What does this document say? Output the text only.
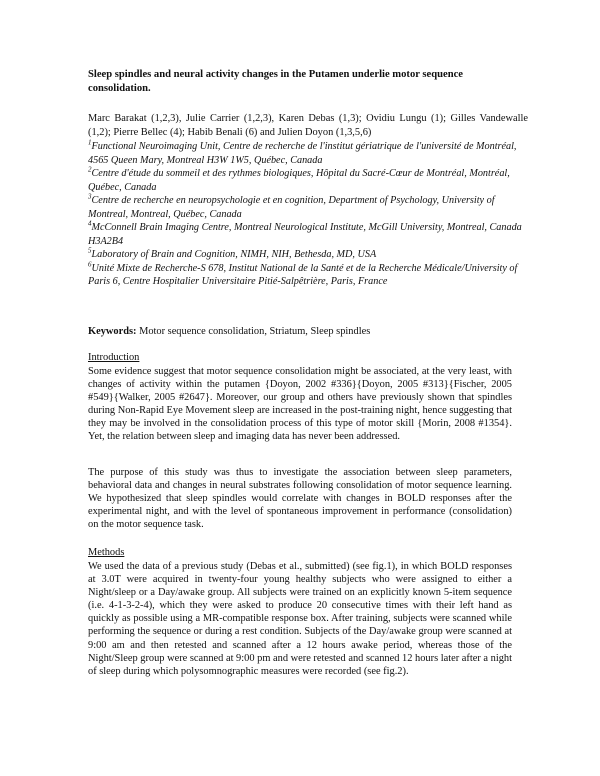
Sleep spindles and neural activity changes in the Putamen underlie motor sequence consolidation.
Marc Barakat (1,2,3), Julie Carrier (1,2,3), Karen Debas (1,3); Ovidiu Lungu (1); Gilles Vandewalle (1,2); Pierre Bellec (4); Habib Benali (6) and Julien Doyon (1,3,5,6)

$^1$Functional Neuroimaging Unit, Centre de recherche de l'institut gériatrique de l'université de Montréal, 4565 Queen Mary, Montreal H3W 1W5, Québec, Canada

$^2$Centre d'étude du sommeil et des rythmes biologiques, Hôpital du Sacré-Cœur de Montréal, Montréal, Québec, Canada

$^3$Centre de recherche en neuropsychologie et en cognition, Department of Psychology, University of Montreal, Montreal, Québec, Canada

$^4$McConnell Brain Imaging Centre, Montreal Neurological Institute, McGill University, Montreal, Canada H3A2B4

$^5$Laboratory of Brain and Cognition, NIMH, NIH, Bethesda, MD, USA

$^6$Unité Mixte de Recherche-S 678, Institut National de la Santé et de la Recherche Médicale/University of Paris 6, Centre Hospitalier Universitaire Pitié-Salpêtrière, Paris, France

Keywords: Motor sequence consolidation, Striatum, Sleep spindles
Introduction

Some evidence suggest that motor sequence consolidation might be associated, at the very least, with changes of activity within the putamen {Doyon, 2002 #336}{Doyon, 2005 #313}{Fischer, 2005 #549}{Walker, 2005 #2647}. Moreover, our group and others have previously shown that spindles during Non-Rapid Eye Movement sleep are increased in the post-training night, hence suggesting that they may be involved in the consolidation process of this type of motor skill {Morin, 2008 #1354}. Yet, the relation between sleep and imaging data has never been addressed.

The purpose of this study was thus to investigate the association between sleep parameters, behavioral data and changes in neural substrates following consolidation of motor sequence learning. We hypothesized that sleep spindles would correlate with changes in BOLD responses after the experimental night, and with the level of spontaneous improvement in performance (consolidation) on the motor sequence task.

Methods

We used the data of a previous study (Debas et al., submitted) (see fig.1), in which BOLD responses at 3.0T were acquired in twenty-four young healthy subjects who were assigned to either a Night/sleep or a Day/awake group. All subjects were trained on an explicitly known 5-item sequence (i.e. 4-1-3-2-4), which they were asked to produce 20 consecutive times with their left hand as quickly as possible using a MR-compatible response box. After training, subjects were scanned while performing the sequence or during a rest condition. Subjects of the Day/awake group were scanned at 9:00 am and then retested and scanned after a 12 hours awake period, whereas those of the Night/Sleep group were scanned at 9:00 pm and were retested and scanned 12 hours later after a night of sleep during which polysomnographic measures were recorded (see fig.2).
